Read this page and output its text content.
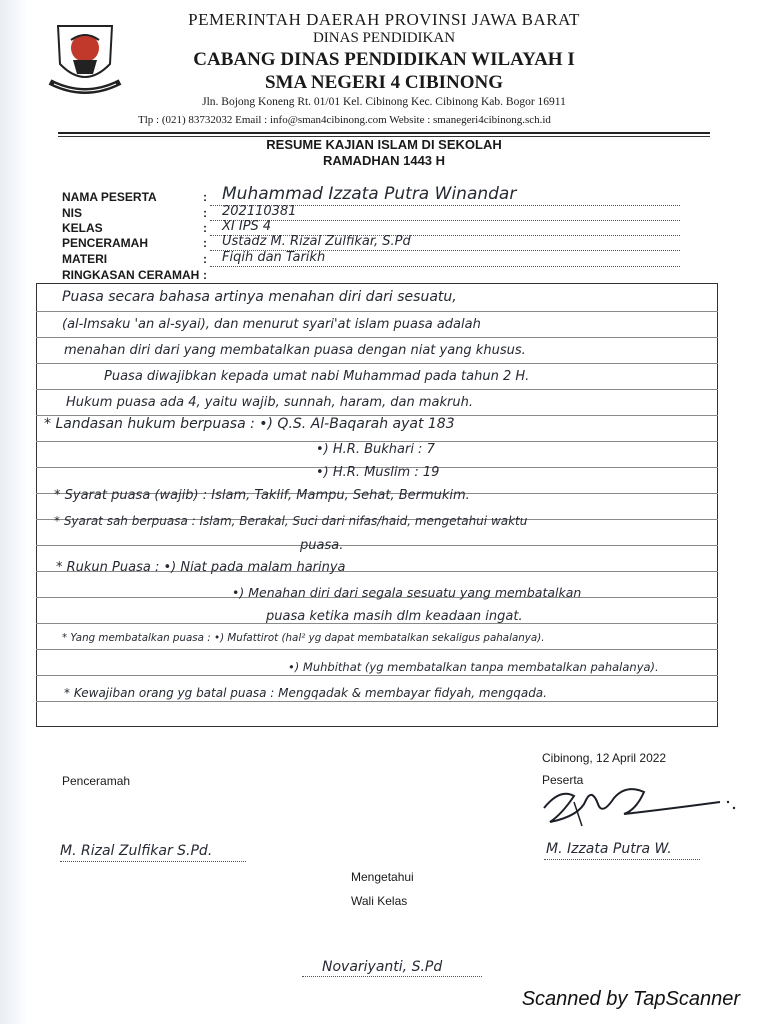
PEMERINTAH DAERAH PROVINSI JAWA BARAT
DINAS PENDIDIKAN
CABANG DINAS PENDIDIKAN WILAYAH I
SMA NEGERI 4 CIBINONG
Jln. Bojong Koneng Rt. 01/01 Kel. Cibinong Kec. Cibinong Kab. Bogor 16911
Tlp : (021) 83732032 Email : info@sman4cibinong.com Website : smanegeri4cibinong.sch.id
RESUME KAJIAN ISLAM DI SEKOLAH
RAMADHAN 1443 H
NAMA PESERTA	: Muhammad Izzata Putra Winandar
NIS	: 202110381
KELAS	: XI IPS 4
PENCERAMAH	: Ustadz M. Rizal Zulfikar, S.Pd
MATERI	: Fiqih dan Tarikh
RINGKASAN CERAMAH :
Puasa secara bahasa artinya menahan diri dari sesuatu,
(al-Imsaku 'an al-syai), dan menurut syari'at islam puasa adalah
menahan diri dari yang membatalkan puasa dengan niat yang khusus.
Puasa diwajibkan kepada umat nabi Muhammad pada tahun 2 H.
Hukum puasa ada 4, yaitu wajib, sunnah, haram, dan makruh.
* Landasan hukum berpuasa : •) Q.S. Al-Baqarah ayat 183
•) H.R. Bukhari : 7
•) H.R. Muslim : 19
* Syarat puasa (wajib) : Islam, Taklif, Mampu, Sehat, Bermukim.
* Syarat sah berpuasa : Islam, Berakal, Suci dari nifas/haid, mengetahui waktu
puasa.
* Rukun Puasa : •) Niat pada malam harinya
•) Menahan diri dari segala sesuatu yang membatalkan
puasa ketika masih dlm keadaan ingat.
* Yang membatalkan puasa : •) Mufattirot (hal² yg dapat membatalkan sekaligus pahalanya).
•) Muhbithat (yg membatalkan tanpa membatalkan pahalanya).
* Kewajiban orang yg batal puasa : Mengqadak & membayar fidyah, mengqada.
Cibinong, 12 April 2022
Penceramah	Peserta
M. Rizal Zulfikar S.Pd.	M. Izzata Putra W.
Mengetahui
Wali Kelas
Novariyanti, S.Pd
Scanned by TapScanner
